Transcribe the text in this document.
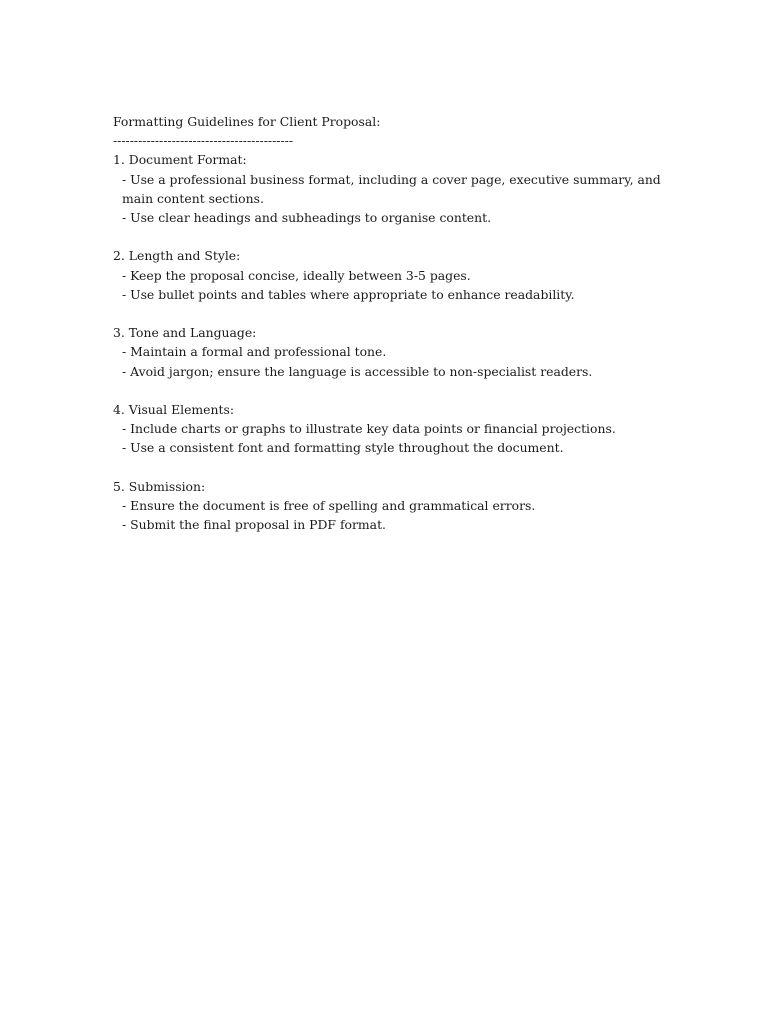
Formatting Guidelines for Client Proposal:
-------------------------------------------
1. Document Format:
- Use a professional business format, including a cover page, executive summary, and main content sections.
- Use clear headings and subheadings to organise content.
2. Length and Style:
- Keep the proposal concise, ideally between 3-5 pages.
- Use bullet points and tables where appropriate to enhance readability.
3. Tone and Language:
- Maintain a formal and professional tone.
- Avoid jargon; ensure the language is accessible to non-specialist readers.
4. Visual Elements:
- Include charts or graphs to illustrate key data points or financial projections.
- Use a consistent font and formatting style throughout the document.
5. Submission:
- Ensure the document is free of spelling and grammatical errors.
- Submit the final proposal in PDF format.
